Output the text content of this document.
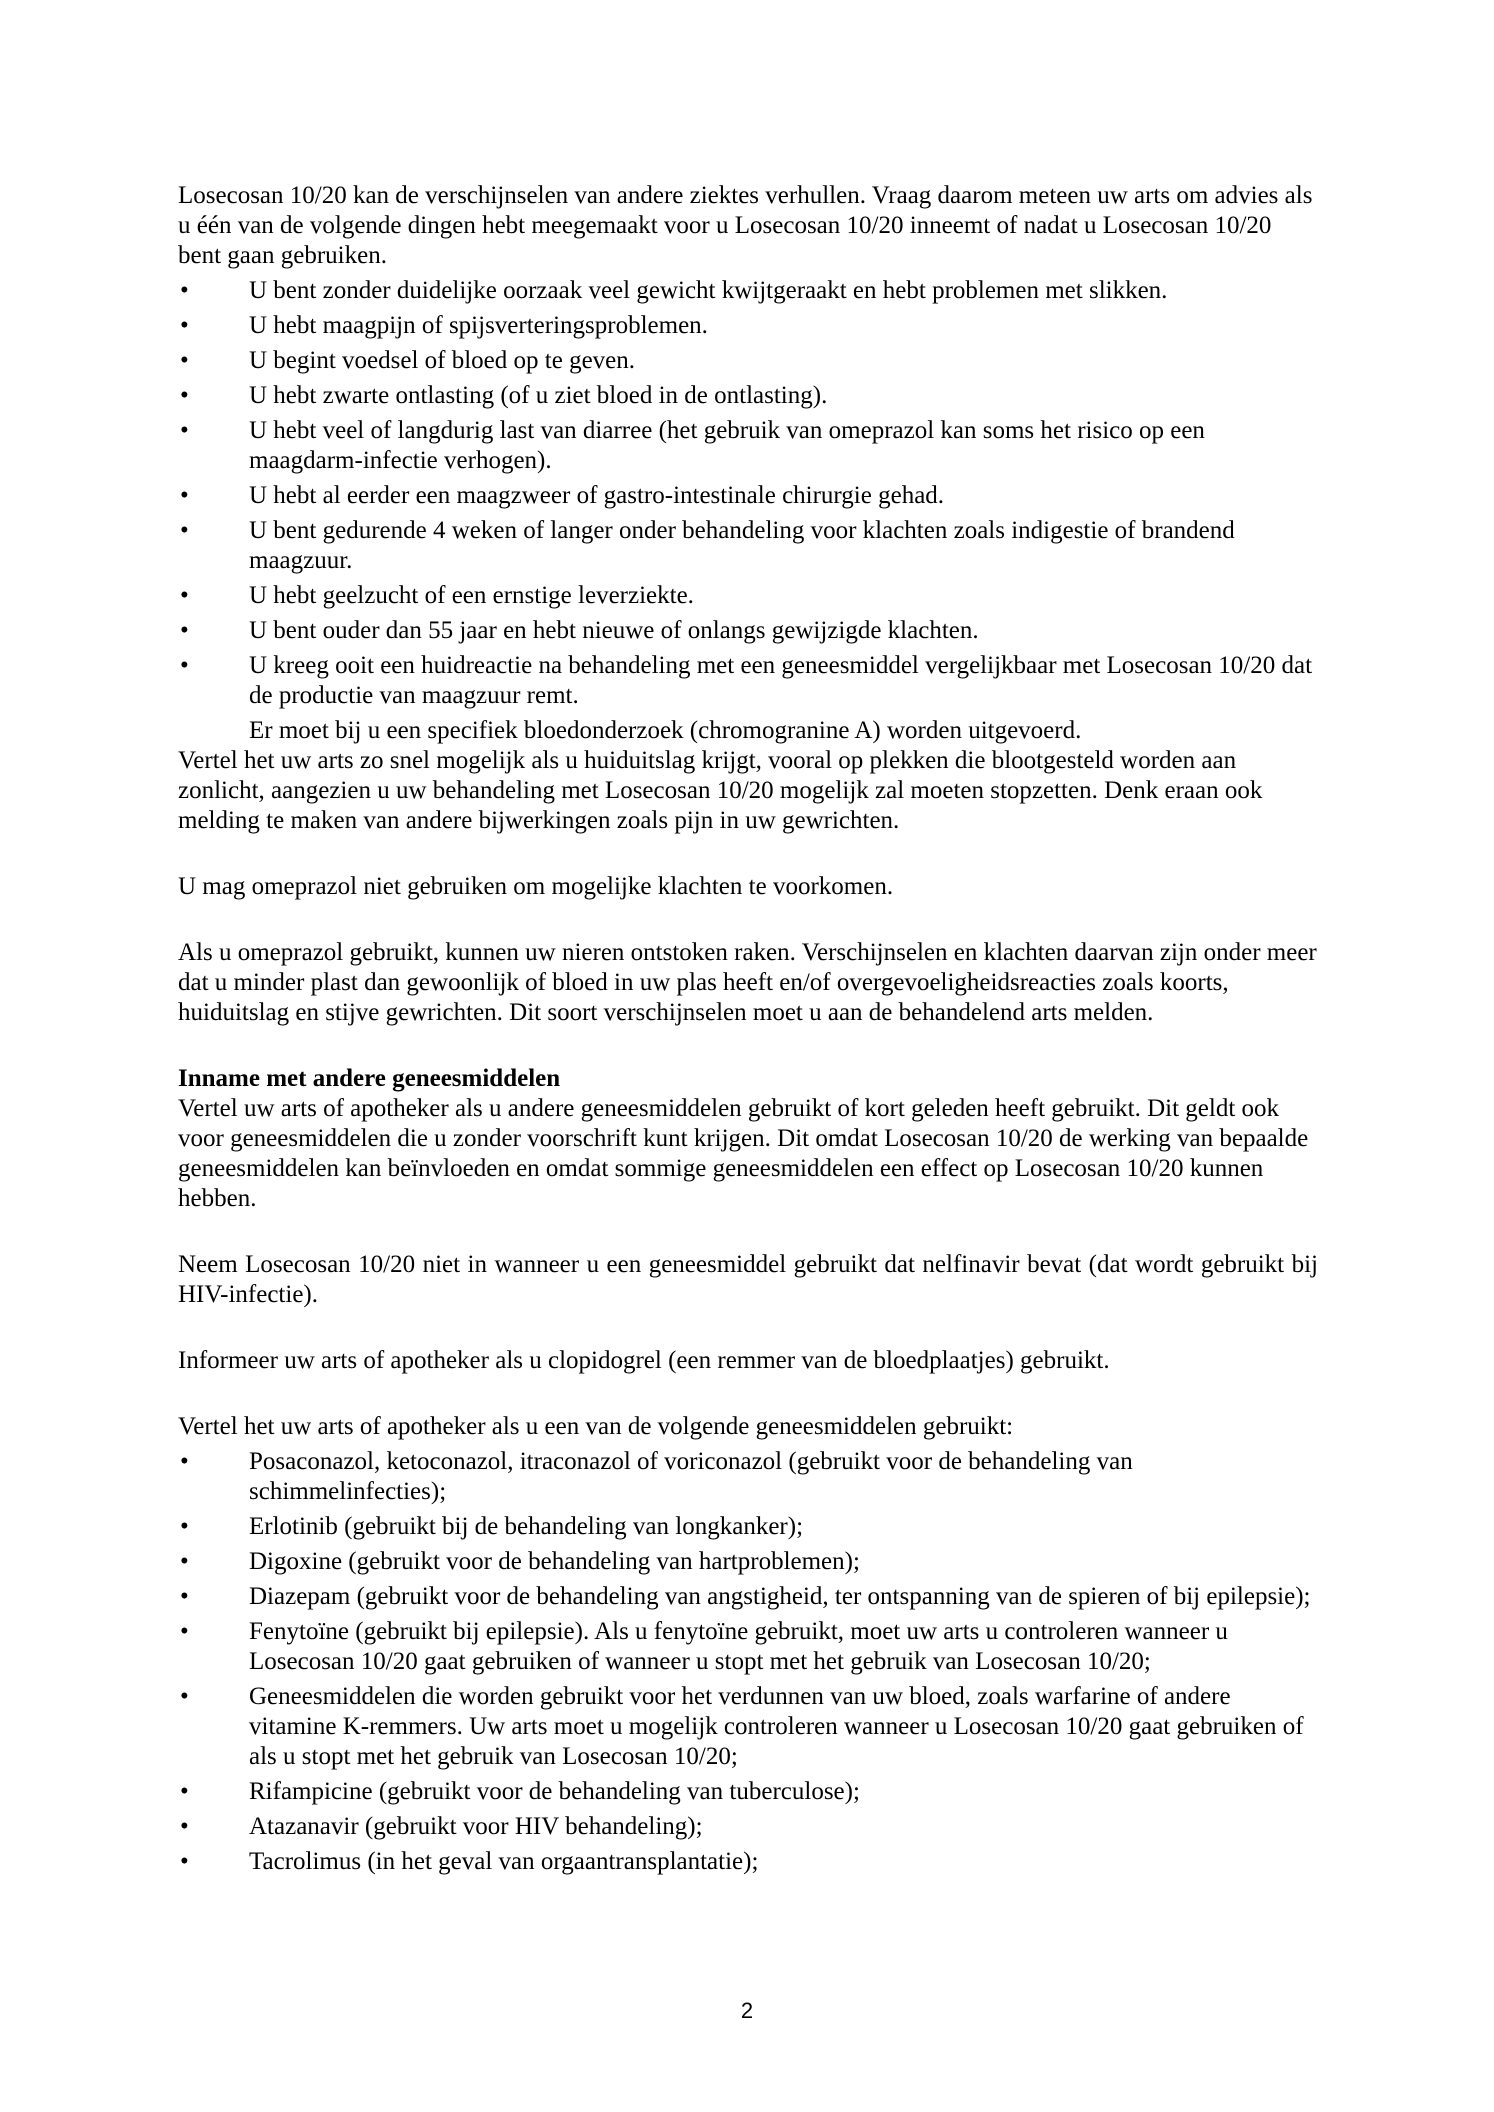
Losecosan 10/20 kan de verschijnselen van andere ziektes verhullen. Vraag daarom meteen uw arts om advies als u één van de volgende dingen hebt meegemaakt voor u Losecosan 10/20 inneemt of nadat u Losecosan 10/20 bent gaan gebruiken.

• U bent zonder duidelijke oorzaak veel gewicht kwijtgeraakt en hebt problemen met slikken.
• U hebt maagpijn of spijsverteringsproblemen.
• U begint voedsel of bloed op te geven.
• U hebt zwarte ontlasting (of u ziet bloed in de ontlasting).
• U hebt veel of langdurig last van diarree (het gebruik van omeprazol kan soms het risico op een maagdarm-infectie verhogen).
• U hebt al eerder een maagzweer of gastro-intestinale chirurgie gehad.
• U bent gedurende 4 weken of langer onder behandeling voor klachten zoals indigestie of brandend maagzuur.
• U hebt geelzucht of een ernstige leverziekte.
• U bent ouder dan 55 jaar en hebt nieuwe of onlangs gewijzigde klachten.
• U kreeg ooit een huidreactie na behandeling met een geneesmiddel vergelijkbaar met Losecosan 10/20 dat de productie van maagzuur remt.

Er moet bij u een specifiek bloedonderzoek (chromogranine A) worden uitgevoerd.

Vertel het uw arts zo snel mogelijk als u huiduitslag krijgt, vooral op plekken die blootgesteld worden aan zonlicht, aangezien u uw behandeling met Losecosan 10/20 mogelijk zal moeten stopzetten. Denk eraan ook melding te maken van andere bijwerkingen zoals pijn in uw gewrichten.

U mag omeprazol niet gebruiken om mogelijke klachten te voorkomen.

Als u omeprazol gebruikt, kunnen uw nieren ontstoken raken. Verschijnselen en klachten daarvan zijn onder meer dat u minder plast dan gewoonlijk of bloed in uw plas heeft en/of overgevoeligheidsreacties zoals koorts, huiduitslag en stijve gewrichten. Dit soort verschijnselen moet u aan de behandelend arts melden.

Inname met andere geneesmiddelen

Vertel uw arts of apotheker als u andere geneesmiddelen gebruikt of kort geleden heeft gebruikt. Dit geldt ook voor geneesmiddelen die u zonder voorschrift kunt krijgen. Dit omdat Losecosan 10/20 de werking van bepaalde geneesmiddelen kan beïnvloeden en omdat sommige geneesmiddelen een effect op Losecosan 10/20 kunnen hebben.

Neem Losecosan 10/20 niet in wanneer u een geneesmiddel gebruikt dat nelfinavir bevat (dat wordt gebruikt bij HIV-infectie).

Informeer uw arts of apotheker als u clopidogrel (een remmer van de bloedplaatjes) gebruikt.

Vertel het uw arts of apotheker als u een van de volgende geneesmiddelen gebruikt:

• Posaconazol, ketoconazol, itraconazol of voriconazol (gebruikt voor de behandeling van schimmelinfecties);
• Erlotinib (gebruikt bij de behandeling van longkanker);
• Digoxine (gebruikt voor de behandeling van hartproblemen);
• Diazepam (gebruikt voor de behandeling van angstigheid, ter ontspanning van de spieren of bij epilepsie);
• Fenytoïne (gebruikt bij epilepsie). Als u fenytoïne gebruikt, moet uw arts u controleren wanneer u Losecosan 10/20 gaat gebruiken of wanneer u stopt met het gebruik van Losecosan 10/20;
• Geneesmiddelen die worden gebruikt voor het verdunnen van uw bloed, zoals warfarine of andere vitamine K-remmers. Uw arts moet u mogelijk controleren wanneer u Losecosan 10/20 gaat gebruiken of als u stopt met het gebruik van Losecosan 10/20;
• Rifampicine (gebruikt voor de behandeling van tuberculose);
• Atazanavir (gebruikt voor HIV behandeling);
• Tacrolimus (in het geval van orgaantransplantatie);
2
